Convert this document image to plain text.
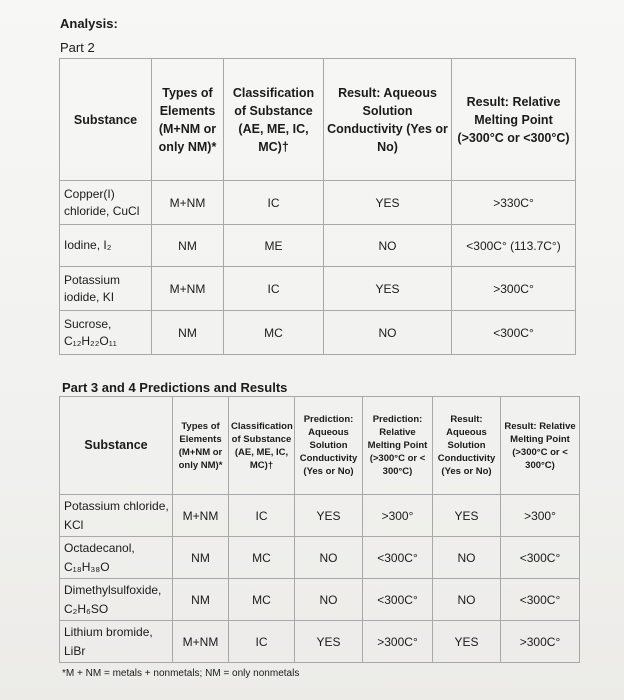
Analysis:
Part 2
Substance	Types of Elements (M+NM or only NM)*	Classification of Substance (AE, ME, IC, MC)†	Result: Aqueous Solution Conductivity (Yes or No)	Result: Relative Melting Point (>300°C or <300°C)
Copper(I) chloride, CuCl	M+NM	IC	YES	>330C°
Iodine, I₂	NM	ME	NO	<300C° (113.7C°)
Potassium iodide, KI	M+NM	IC	YES	>300C°
Sucrose, C₁₂H₂₂O₁₁	NM	MC	NO	<300C°
Part 3 and 4 Predictions and Results
Substance	Types of Elements (M+NM or only NM)*	Classification of Substance (AE, ME, IC, MC)†	Prediction: Aqueous Solution Conductivity (Yes or No)	Prediction: Relative Melting Point (>300°C or < 300°C)	Result: Aqueous Solution Conductivity (Yes or No)	Result: Relative Melting Point (>300°C or < 300°C)
Potassium chloride, KCl	M+NM	IC	YES	>300°	YES	>300°
Octadecanol, C₁₈H₃₈O	NM	MC	NO	<300C°	NO	<300C°
Dimethylsulfoxide, C₂H₆SO	NM	MC	NO	<300C°	NO	<300C°
Lithium bromide, LiBr	M+NM	IC	YES	>300C°	YES	>300C°
*M + NM = metals + nonmetals; NM = only nonmetals
